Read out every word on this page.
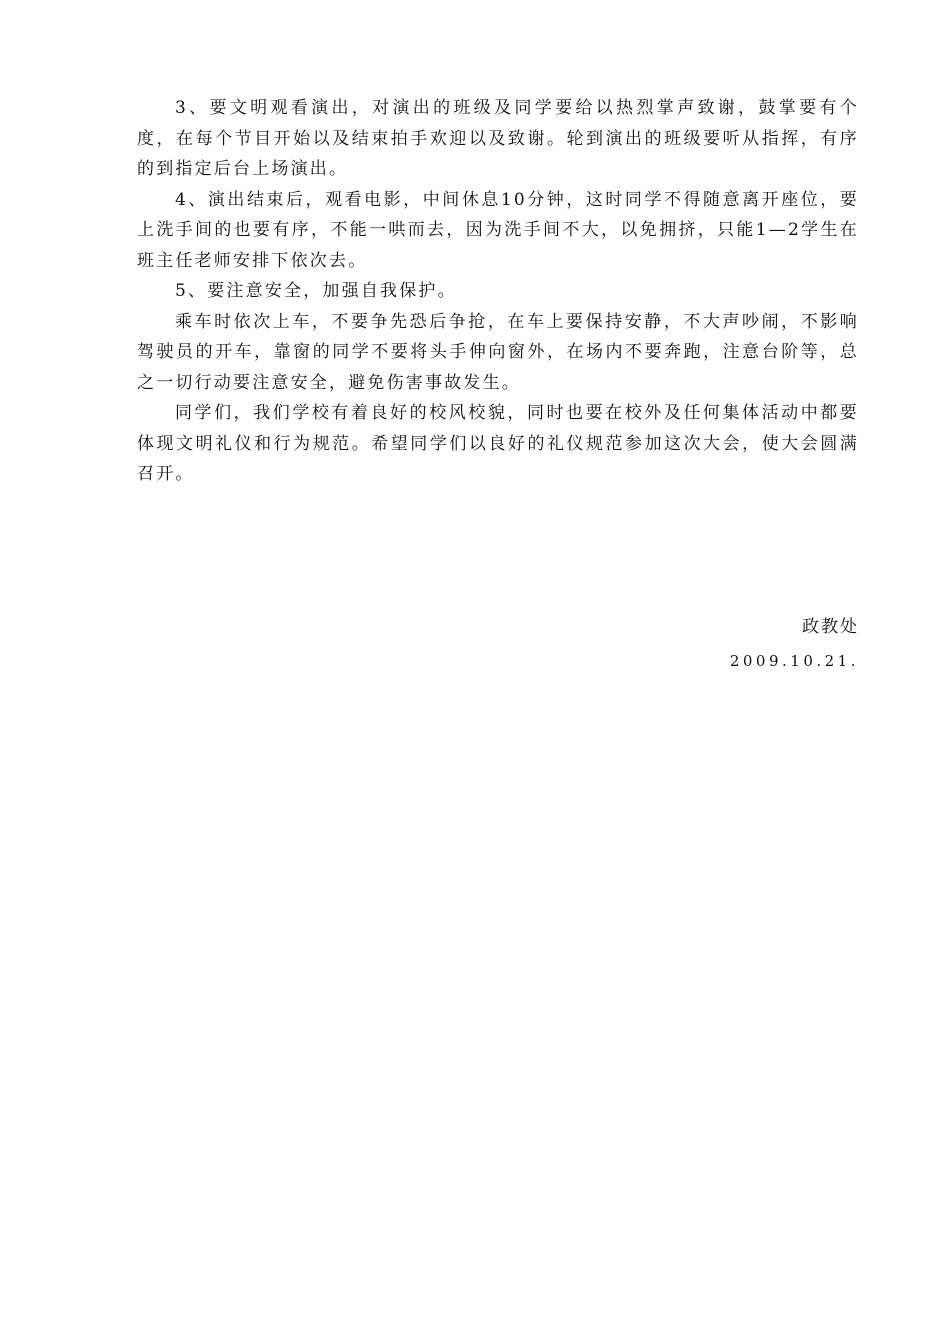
3、要文明观看演出，对演出的班级及同学要给以热烈掌声致谢，鼓掌要有个度，在每个节目开始以及结束拍手欢迎以及致谢。轮到演出的班级要听从指挥，有序的到指定后台上场演出。

4、演出结束后，观看电影，中间休息10分钟，这时同学不得随意离开座位，要上洗手间的也要有序，不能一哄而去，因为洗手间不大，以免拥挤，只能1—2学生在班主任老师安排下依次去。

5、要注意安全，加强自我保护。

乘车时依次上车，不要争先恐后争抢，在车上要保持安静，不大声吵闹，不影响驾驶员的开车，靠窗的同学不要将头手伸向窗外，在场内不要奔跑，注意台阶等，总之一切行动要注意安全，避免伤害事故发生。

同学们，我们学校有着良好的校风校貌，同时也要在校外及任何集体活动中都要体现文明礼仪和行为规范。希望同学们以良好的礼仪规范参加这次大会，使大会圆满召开。

政教处

2009.10.21.
